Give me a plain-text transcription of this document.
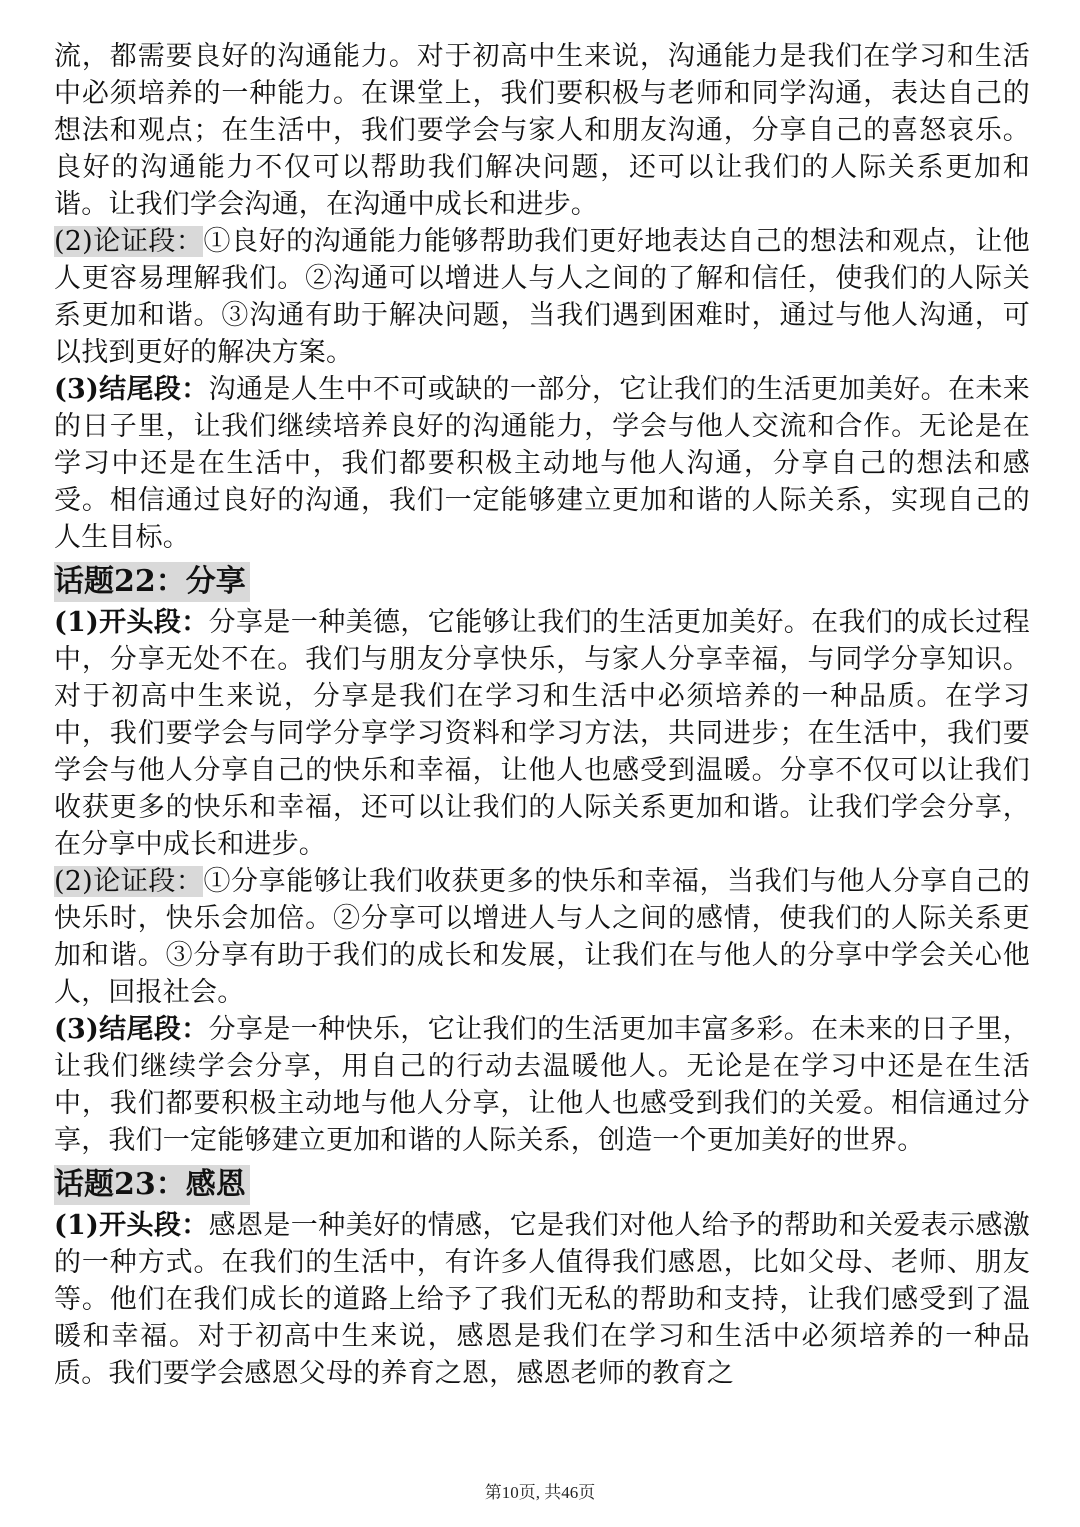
流，都需要良好的沟通能力。对于初高中生来说，沟通能力是我们在学习和生活中必须培养的一种能力。在课堂上，我们要积极与老师和同学沟通，表达自己的想法和观点；在生活中，我们要学会与家人和朋友沟通，分享自己的喜怒哀乐。良好的沟通能力不仅可以帮助我们解决问题，还可以让我们的人际关系更加和谐。让我们学会沟通，在沟通中成长和进步。

(2)论证段：①良好的沟通能力能够帮助我们更好地表达自己的想法和观点，让他人更容易理解我们。②沟通可以增进人与人之间的了解和信任，使我们的人际关系更加和谐。③沟通有助于解决问题，当我们遇到困难时，通过与他人沟通，可以找到更好的解决方案。

(3)结尾段：沟通是人生中不可或缺的一部分，它让我们的生活更加美好。在未来的日子里，让我们继续培养良好的沟通能力，学会与他人交流和合作。无论是在学习中还是在生活中，我们都要积极主动地与他人沟通，分享自己的想法和感受。相信通过良好的沟通，我们一定能够建立更加和谐的人际关系，实现自己的人生目标。

话题22：分享

(1)开头段：分享是一种美德，它能够让我们的生活更加美好。在我们的成长过程中，分享无处不在。我们与朋友分享快乐，与家人分享幸福，与同学分享知识。对于初高中生来说，分享是我们在学习和生活中必须培养的一种品质。在学习中，我们要学会与同学分享学习资料和学习方法，共同进步；在生活中，我们要学会与他人分享自己的快乐和幸福，让他人也感受到温暖。分享不仅可以让我们收获更多的快乐和幸福，还可以让我们的人际关系更加和谐。让我们学会分享，在分享中成长和进步。

(2)论证段：①分享能够让我们收获更多的快乐和幸福，当我们与他人分享自己的快乐时，快乐会加倍。②分享可以增进人与人之间的感情，使我们的人际关系更加和谐。③分享有助于我们的成长和发展，让我们在与他人的分享中学会关心他人，回报社会。

(3)结尾段：分享是一种快乐，它让我们的生活更加丰富多彩。在未来的日子里，让我们继续学会分享，用自己的行动去温暖他人。无论是在学习中还是在生活中，我们都要积极主动地与他人分享，让他人也感受到我们的关爱。相信通过分享，我们一定能够建立更加和谐的人际关系，创造一个更加美好的世界。

话题23：感恩

(1)开头段：感恩是一种美好的情感，它是我们对他人给予的帮助和关爱表示感激的一种方式。在我们的生活中，有许多人值得我们感恩，比如父母、老师、朋友等。他们在我们成长的道路上给予了我们无私的帮助和支持，让我们感受到了温暖和幸福。对于初高中生来说，感恩是我们在学习和生活中必须培养的一种品质。我们要学会感恩父母的养育之恩，感恩老师的教育之

第10页, 共46页
